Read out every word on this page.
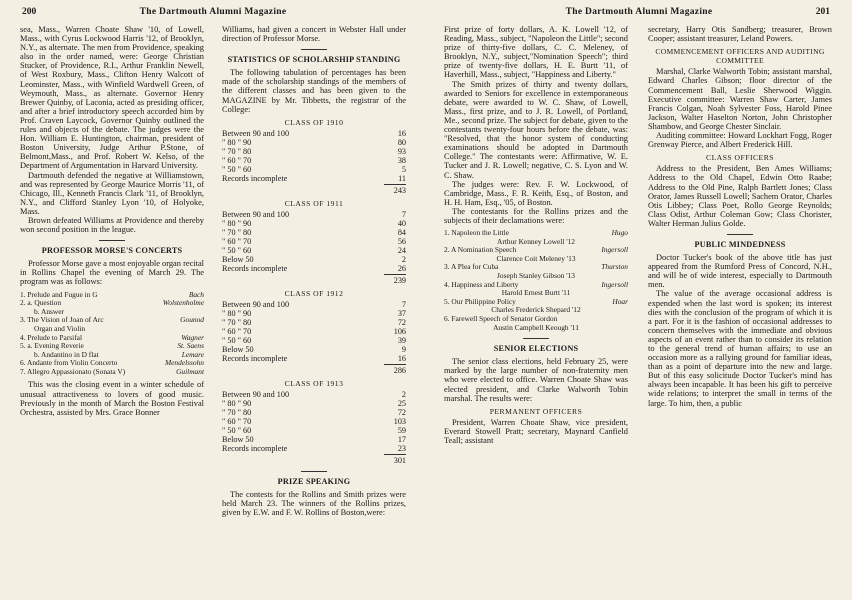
200	The Dartmouth Alumni Magazine

sea, Mass., Warren Choate Shaw '10, of Lowell, Mass., with Cyrus Lockwood Harris '12, of Brooklyn, N.Y., as alternate. The men from Providence, speaking also in the order named, were: George Christian Stucker, of Providence, R.I., Arthur Franklin Newell, of West Roxbury, Mass., Clifton Henry Walcott of Leominster, Mass., with Winfield Wardwell Green, of Weymouth, Mass., as alternate. Governor Henry Brewer Quinby, of Laconia, acted as presiding officer, and after a brief introductory speech accorded him by Prof. Craven Laycock, Governor Quinby outlined the rules and objects of the debate. The judges were the Hon. William E. Huntington, chairman, president of Boston University, Judge Arthur P.Stone, of Belmont,Mass., and Prof. Robert W. Kelso, of the Department of Argumentation in Harvard University.

Dartmouth defended the negative at Williamstown, and was represented by George Maurice Morris '11, of Chicago, Ill., Kenneth Francis Clark '11, of Brooklyn, N.Y., and Clifford Stanley Lyon '10, of Holyoke, Mass.

Brown defeated Williams at Providence and thereby won second position in the league.

PROFESSOR MORSE'S CONCERTS

Professor Morse gave a most enjoyable organ recital in Rollins Chapel the evening of March 29. The program was as follows:

1. Prelude and Fugue in G	Bach
2. a. Question	Wolstenholme
b. Answer
3. The Vision of Joan of Arc	Gounod
Organ and Violin
4. Prelude to Parsifal	Wagner
5. a. Evening Reverie	St. Saens
b. Andantino in D flat	Lemare
6. Andante from Violin Concerto	Mendelssohn
7. Allegro Appassionato (Sonata V)	Guilmant

This was the closing event in a winter schedule of unusual attractiveness to lovers of good music. Previously in the month of March the Boston Festival Orchestra, assisted by Mrs. Grace Bonner

Williams, had given a concert in Webster Hall under direction of Professor Morse.

STATISTICS OF SCHOLARSHIP STANDING

The following tabulation of percentages has been made of the scholarship standings of the members of the different classes and has been given to the MAGAZINE by Mr. Tibbetts, the registrar of the College:

CLASS OF 1910
Between 90 and 100	16
" 80 " 90	80
" 70 " 80	93
" 60 " 70	38
" 50 " 60	5
Records incomplete	11
243
CLASS OF 1911
Between 90 and 100	7
" 80 " 90	40
" 70 " 80	84
" 60 " 70	56
" 50 " 60	24
Below 50	2
Records incomplete	26
239
CLASS OF 1912
Between 90 and 100	7
" 80 " 90	37
" 70 " 80	72
" 60 " 70	106
" 50 " 60	39
Below 50	9
Records incomplete	16
286
CLASS OF 1913
Between 90 and 100	2
" 80 " 90	25
" 70 " 80	72
" 60 " 70	103
" 50 " 60	59
Below 50	17
Records incomplete	23
301
PRIZE SPEAKING

The contests for the Rollins and Smith prizes were held March 23. The winners of the Rollins prizes, given by E.W. and F. W. Rollins of Boston,were:

The Dartmouth Alumni Magazine	201

First prize of forty dollars, A. K. Lowell '12, of Reading, Mass., subject, "Napoleon the Little"; second prize of thirty-five dollars, C. C. Meleney, of Brooklyn, N.Y., subject,"Nomination Speech"; third prize of twenty-five dollars, H. E. Burtt '11, of Haverhill, Mass., subject, "Happiness and Liberty."

The Smith prizes of thirty and twenty dollars, awarded to Seniors for excellence in extemporaneous debate, were awarded to W. C. Shaw, of Lowell, Mass., first prize, and to J. R. Lowell, of Portland, Me., second prize. The subject for debate, given to the contestants twenty-four hours before the debate, was: "Resolved, that the honor system of conducting examinations should be adopted in Dartmouth College." The contestants were: Affirmative, W. E. Tucker and J. R. Lowell; negative, C. S. Lyon and W. C. Shaw.

The judges were: Rev. F. W. Lockwood, of Cambridge, Mass., F. R. Keith, Esq., of Boston, and H. H. Ham, Esq., '05, of Boston.

The contestants for the Rollins prizes and the subjects of their declamations were:

1. Napoleon the Little	Hugo
Arthur Kenney Lowell '12
2. A Nomination Speech	Ingersoll
Clarence Coit Meleney '13
3. A Plea for Cuba	Thurston
Joseph Stanley Gibson '13
4. Happiness and Liberty	Ingersoll
Harold Ernest Burtt '11
5. Our Philippine Policy	Hoar
Charles Frederick Shepard '12
6. Farewell Speech of Senator Gordon
Austin Campbell Keough '11
SENIOR ELECTIONS

The senior class elections, held February 25, were marked by the large number of non-fraternity men who were elected to office. Warren Choate Shaw was elected president, and Clarke Walworth Tobin marshal. The results were:

PERMANENT OFFICERS

President, Warren Choate Shaw, vice president, Everard Stowell Pratt; secretary, Maynard Canfield Teall; assistant

secretary, Harry Otis Sandberg; treasurer, Brown Cooper; assistant treasurer, Leland Powers.

COMMENCEMENT OFFICERS AND AUDITING COMMITTEE

Marshal, Clarke Walworth Tobin; assistant marshal, Edward Charles Gibson; floor director of the Commencement Ball, Leslie Sherwood Wiggin. Executive committee: Warren Shaw Carter, James Francis Colgan, Noah Sylvester Foss, Harold Pinee Jackson, Walter Haselton Norton, John Christopher Shambow, and George Chester Sinclair.

Auditing committee: Howard Lockhart Fogg, Roger Grenway Pierce, and Albert Frederick Hill.

CLASS OFFICERS

Address to the President, Ben Ames Williams; Address to the Old Chapel, Edwin Otto Raabe; Address to the Old Pine, Ralph Bartlett Jones; Class Orator, James Russell Lowell; Sachem Orator, Charles Otis Libbey; Class Poet, Rollo George Reynolds; Class Odist, Arthur Coleman Gow; Class Chorister, Walter Herman Julius Golde.

PUBLIC MINDEDNESS

Doctor Tucker's book of the above title has just appeared from the Rumford Press of Concord, N.H., and will be of wide interest, especially to Dartmouth men.

The value of the average occasional address is expended when the last word is spoken; its interest dies with the conclusion of the program of which it is a part. For it is the fashion of occasional addresses to concern themselves with the immediate and obvious aspects of an event rather than to consider its relation to the general trend of human affairs; to use an occasion more as a rallying ground for familiar ideas, than as a point of departure into the new and large. But of this easy solicitude Doctor Tucker's mind has always been incapable. It has been his gift to perceive wide relations; to interpret the small in terms of the large. To him, then, a public
